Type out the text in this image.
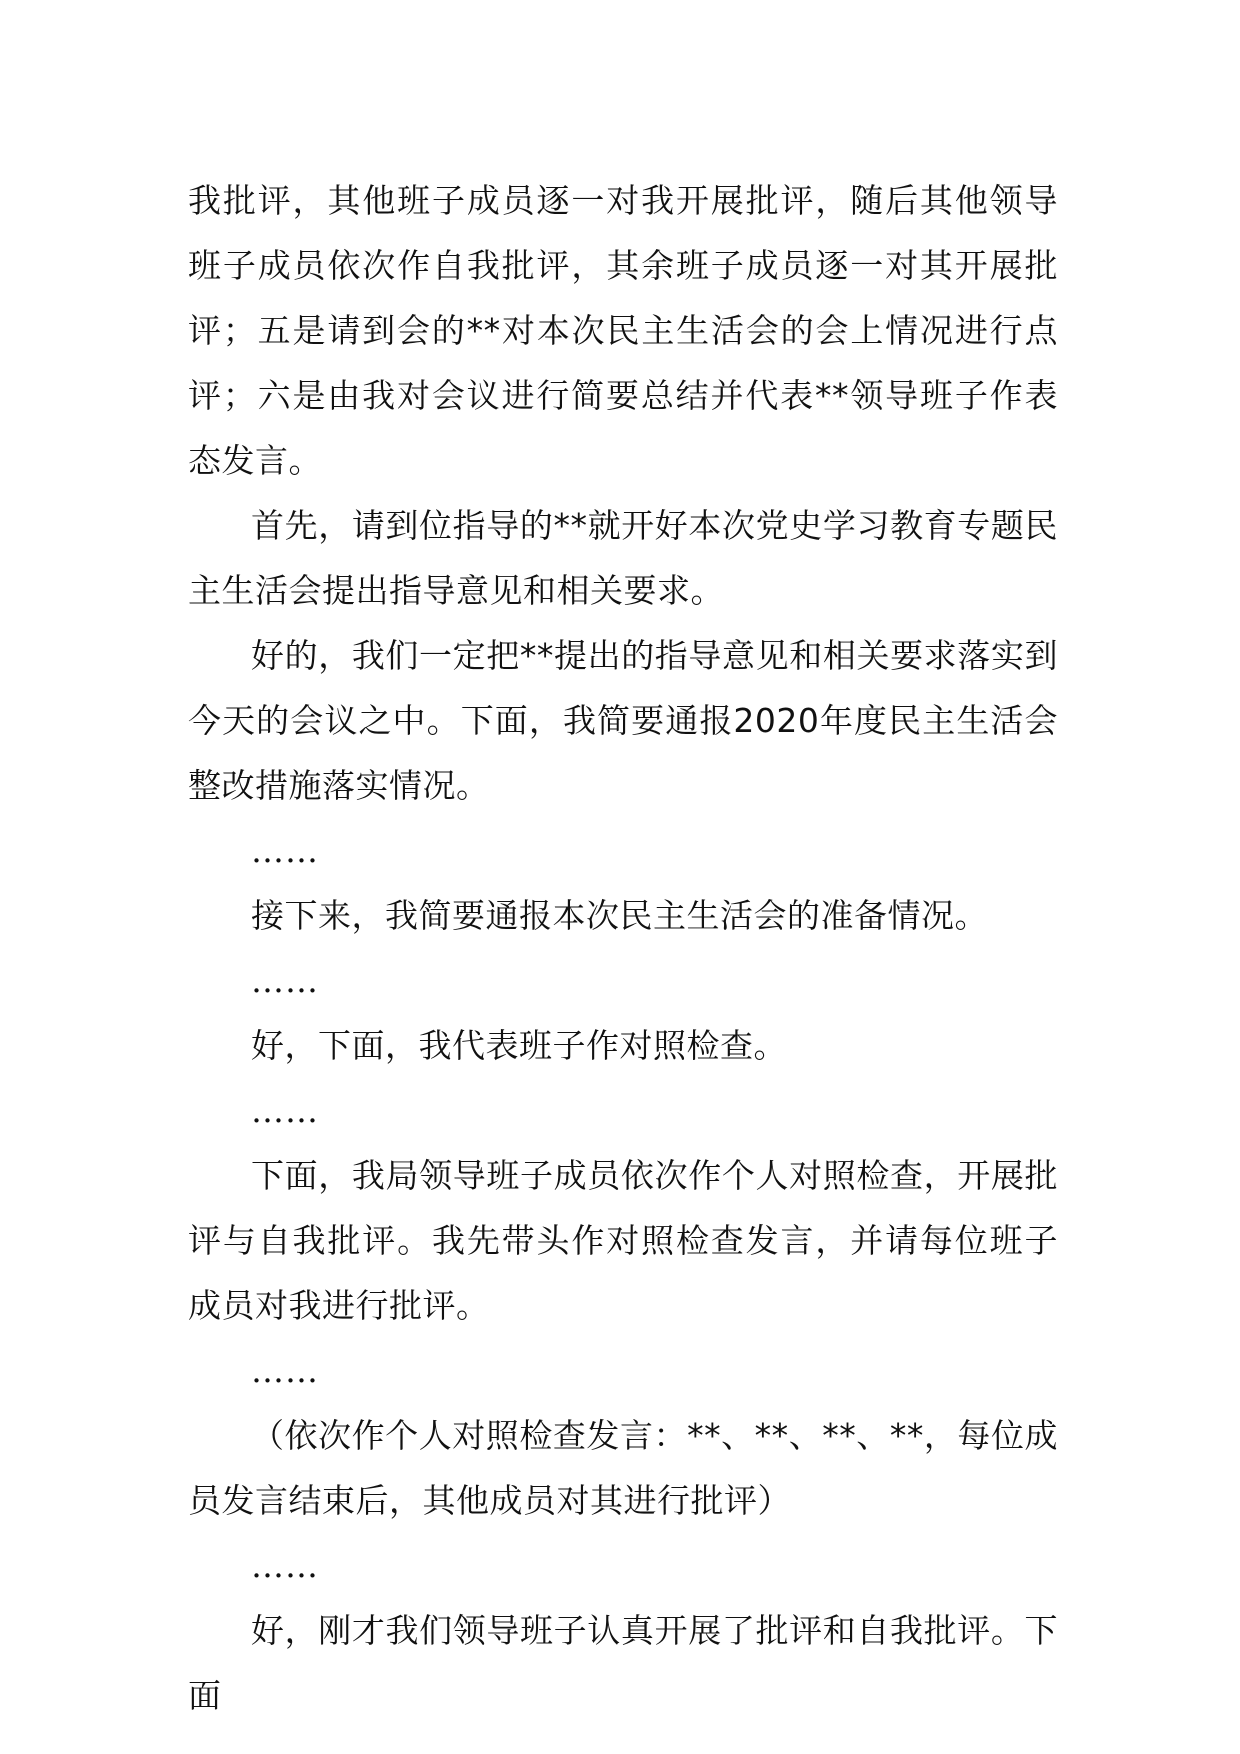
我批评，其他班子成员逐一对我开展批评，随后其他领导班子成员依次作自我批评，其余班子成员逐一对其开展批评；五是请到会的**对本次民主生活会的会上情况进行点评；六是由我对会议进行简要总结并代表**领导班子作表态发言。

首先，请到位指导的**就开好本次党史学习教育专题民主生活会提出指导意见和相关要求。

好的，我们一定把**提出的指导意见和相关要求落实到今天的会议之中。下面，我简要通报2020年度民主生活会整改措施落实情况。

……

接下来，我简要通报本次民主生活会的准备情况。

……

好，下面，我代表班子作对照检查。

……

下面，我局领导班子成员依次作个人对照检查，开展批评与自我批评。我先带头作对照检查发言，并请每位班子成员对我进行批评。

……

（依次作个人对照检查发言：**、**、**、**，每位成员发言结束后，其他成员对其进行批评）

……

好，刚才我们领导班子认真开展了批评和自我批评。下面
